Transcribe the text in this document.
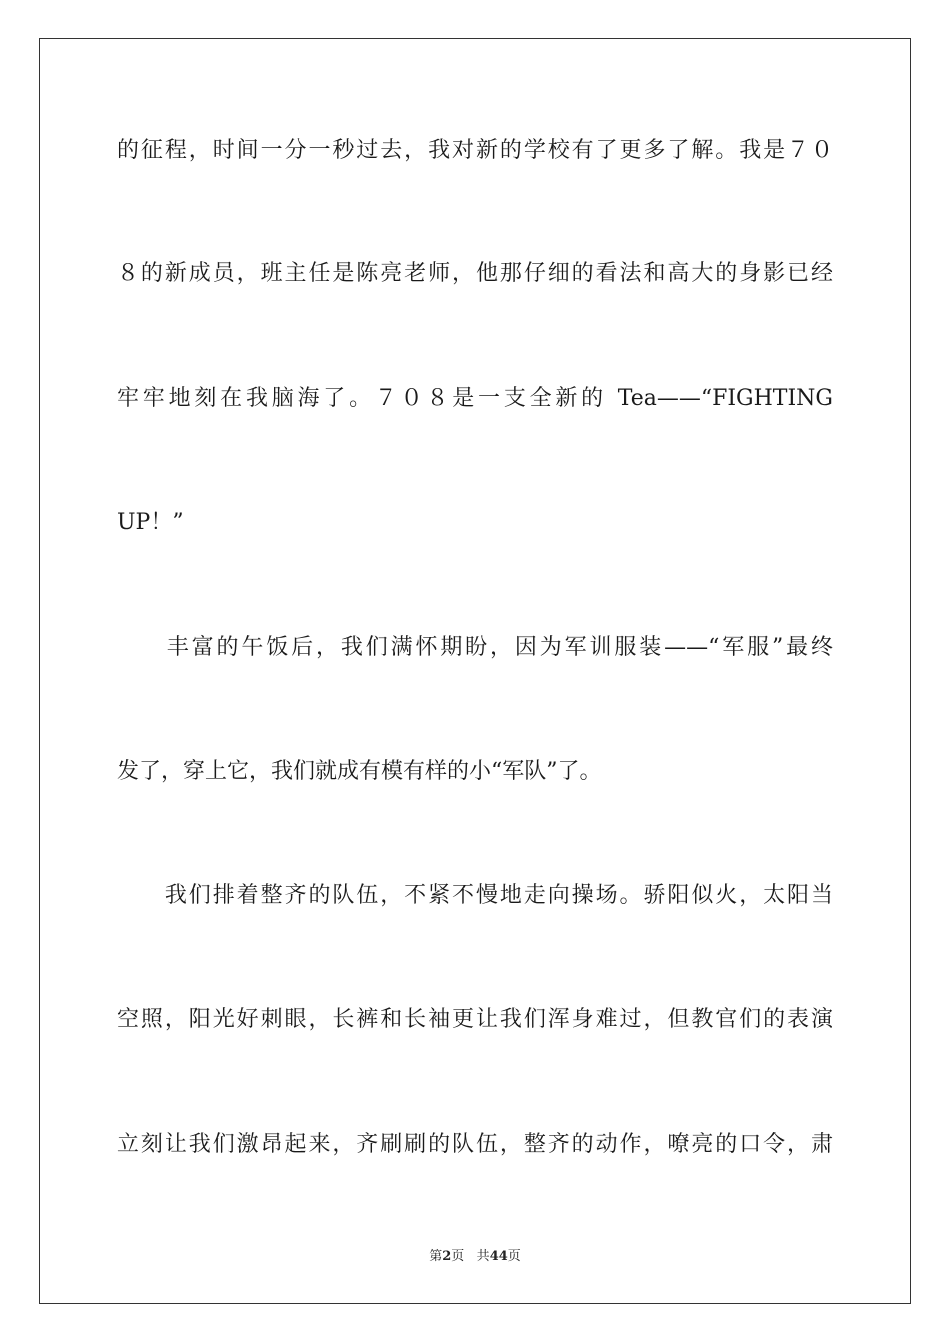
的征程，时间一分一秒过去，我对新的学校有了更多了解。我是７０
８的新成员，班主任是陈亮老师，他那仔细的看法和高大的身影已经
牢牢地刻在我脑海了。７０８是一支全新的 Tea——“FIGHTING
UP！”
　　丰富的午饭后，我们满怀期盼，因为军训服装——“军服”最终
发了，穿上它，我们就成有模有样的小“军队”了。
　　我们排着整齐的队伍，不紧不慢地走向操场。骄阳似火，太阳当
空照，阳光好刺眼，长裤和长袖更让我们浑身难过，但教官们的表演
立刻让我们激昂起来，齐刷刷的队伍，整齐的动作，嘹亮的口令，肃
第2页 共44页
